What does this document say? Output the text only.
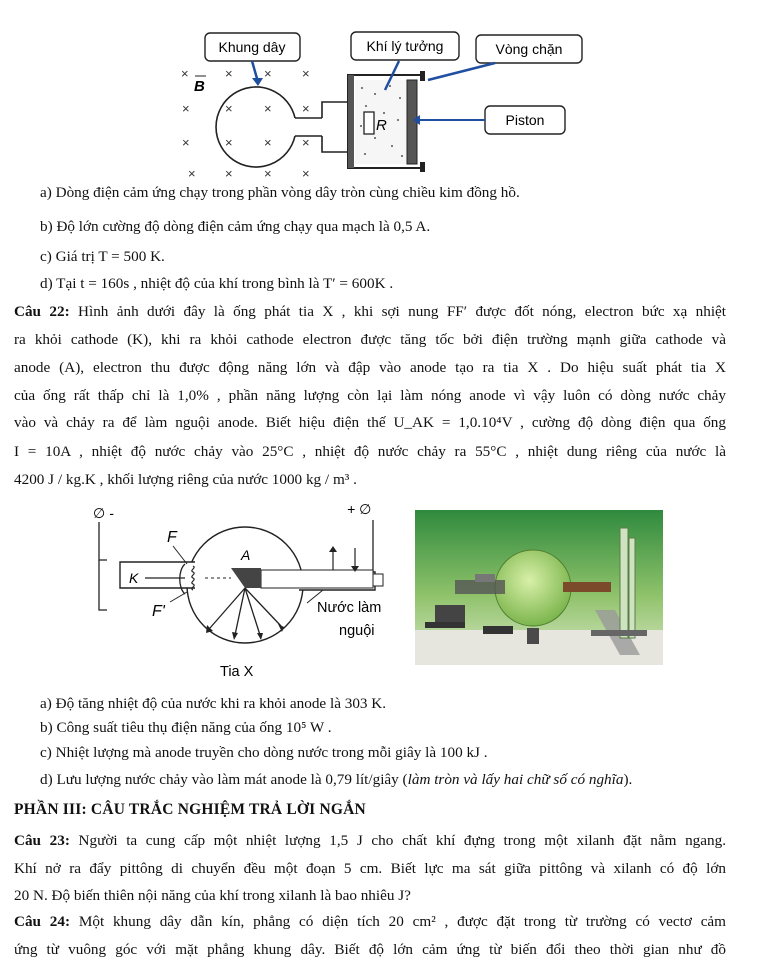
Khung dây	Khí lý tưởng	Vòng chặn
Piston
×	× × ×
×	× × ×
×	× × ×
× × × ×
B
R
a) Dòng điện cảm ứng chạy trong phần vòng dây tròn cùng chiều kim đồng hồ.
b) Độ lớn cường độ dòng điện cảm ứng chạy qua mạch là 0,5 A.
c) Giá trị T = 500 K.
d) Tại t = 160s , nhiệt độ của khí trong bình là T′ = 600K .
Câu 22: Hình ảnh dưới đây là ống phát tia X , khi sợi nung FF′ được đốt nóng, electron bức xạ nhiệt
ra khỏi cathode (K), khi ra khỏi cathode electron được tăng tốc bởi điện trường mạnh giữa cathode và
anode (A), electron thu được động năng lớn và đập vào anode tạo ra tia X . Do hiệu suất phát tia X
của ống rất thấp chỉ là 1,0% , phần năng lượng còn lại làm nóng anode vì vậy luôn có dòng nước chảy
vào và chảy ra để làm nguội anode. Biết hiệu điện thế U_AK = 1,0.10⁴V , cường độ dòng điện qua ống
I = 10A , nhiệt độ nước chảy vào 25°C , nhiệt độ nước chảy ra 55°C , nhiệt dung riêng của nước là
4200 J / kg.K , khối lượng riêng của nước 1000 kg / m³ .
∅ -	+ ∅
K
A
F
F'	Nước làm
nguội
Tia X
a) Độ tăng nhiệt độ của nước khi ra khỏi anode là 303 K.
b) Công suất tiêu thụ điện năng của ống 10⁵ W .
c) Nhiệt lượng mà anode truyền cho dòng nước trong mỗi giây là 100 kJ .
d) Lưu lượng nước chảy vào làm mát anode là 0,79 lít/giây (làm tròn và lấy hai chữ số có nghĩa).
PHẦN III: CÂU TRẮC NGHIỆM TRẢ LỜI NGẮN
Câu 23: Người ta cung cấp một nhiệt lượng 1,5 J cho chất khí đựng trong một xilanh đặt nằm ngang.
Khí nở ra đẩy pittông di chuyển đều một đoạn 5 cm. Biết lực ma sát giữa pittông và xilanh có độ lớn
20 N. Độ biến thiên nội năng của khí trong xilanh là bao nhiêu J?
Câu 24: Một khung dây dẫn kín, phẳng có diện tích 20 cm² , được đặt trong từ trường có vectơ cảm
ứng từ vuông góc với mặt phẳng khung dây. Biết độ lớn cảm ứng từ biến đổi theo thời gian như đồ
